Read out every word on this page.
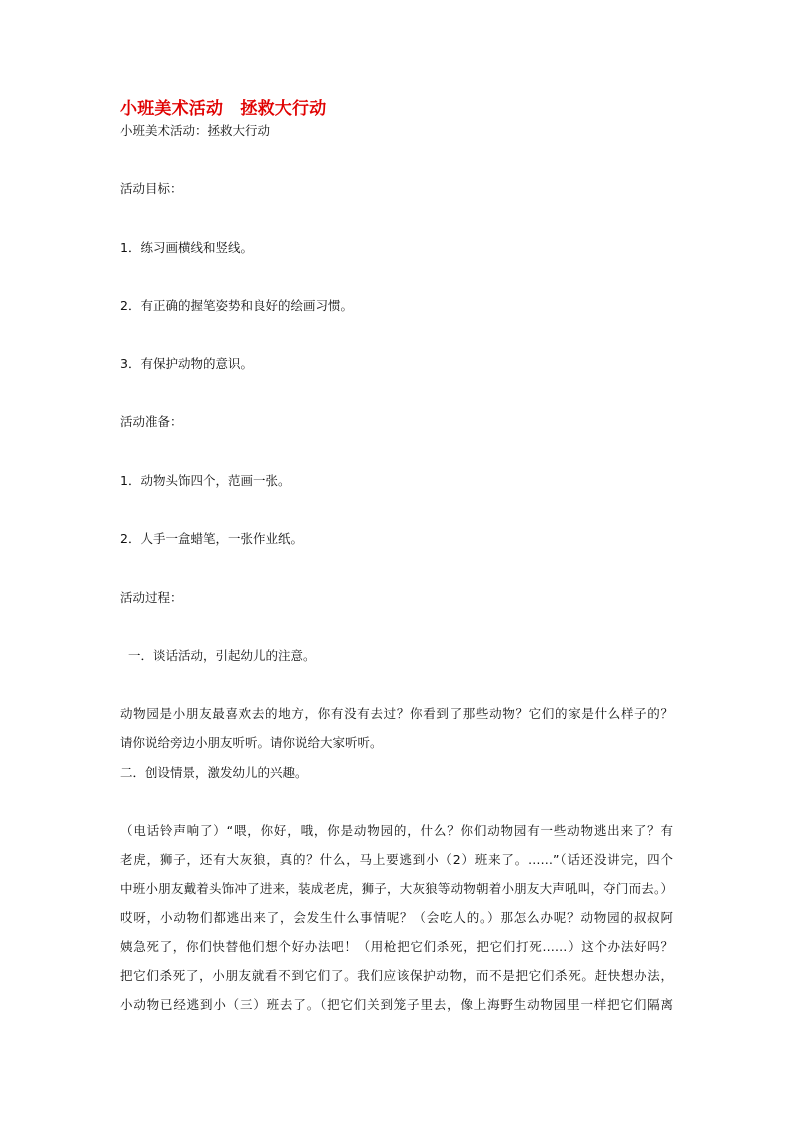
小班美术活动　拯救大行动
小班美术活动：拯救大行动
活动目标：
1．练习画横线和竖线。
2．有正确的握笔姿势和良好的绘画习惯。
3．有保护动物的意识。
活动准备：
1．动物头饰四个，范画一张。
2．人手一盒蜡笔，一张作业纸。
活动过程：
一．谈话活动，引起幼儿的注意。
动物园是小朋友最喜欢去的地方，你有没有去过？你看到了那些动物？它们的家是什么样子的？
请你说给旁边小朋友听听。请你说给大家听听。
二．创设情景，激发幼儿的兴趣。
（电话铃声响了）“喂，你好，哦，你是动物园的，什么？你们动物园有一些动物逃出来了？有
老虎，狮子，还有大灰狼，真的？什么，马上要逃到小（2）班来了。……”（话还没讲完，四个
中班小朋友戴着头饰冲了进来，装成老虎，狮子，大灰狼等动物朝着小朋友大声吼叫，夺门而去。）
哎呀，小动物们都逃出来了，会发生什么事情呢？（会吃人的。）那怎么办呢？动物园的叔叔阿
姨急死了，你们快替他们想个好办法吧！（用枪把它们杀死，把它们打死……）这个办法好吗？
把它们杀死了，小朋友就看不到它们了。我们应该保护动物，而不是把它们杀死。赶快想办法，
小动物已经逃到小（三）班去了。（把它们关到笼子里去，像上海野生动物园里一样把它们隔离
